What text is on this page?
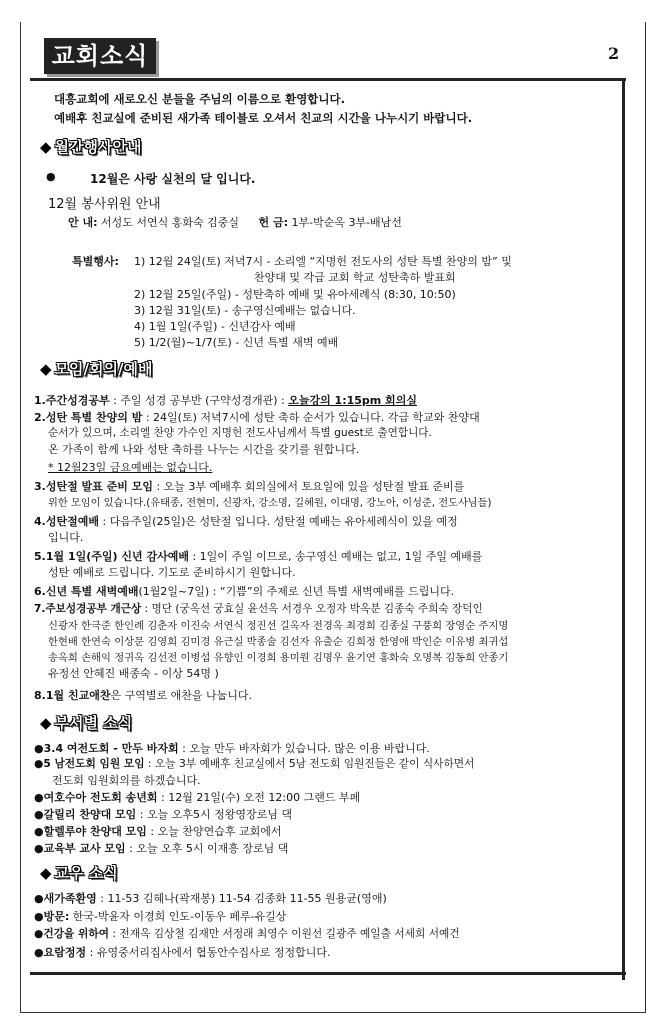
교회소식	2
대흥교회에 새로오신 분들을 주님의 이름으로 환영합니다.
예배후 친교실에 준비된 새가족 테이블로 오셔서 친교의 시간을 나누시기 바랍니다.
◆ 월간행사안내
●	12월은 사랑 실천의 달 입니다.
12월 봉사위원 안내
안 내: 서성도 서연식 홍화숙 김중실 헌 금: 1부-박순옥 3부-배남선
특별행사: 1) 12월 24일(토) 저녁7시 - 소리엘 “지명헌 전도사의 성탄 특별 찬양의 밤” 및
찬양대 및 각급 교회 학교 성탄축하 발표회
2) 12월 25일(주일) - 성탄축하 예배 및 유아세례식 (8:30, 10:50)
3) 12월 31일(토) - 송구영신예배는 없습니다.
4) 1월 1일(주일) - 신년감사 예배
5) 1/2(월)~1/7(토) - 신년 특별 새벽 예배
◆ 모임/회의/예배
1.주간성경공부 : 주일 성경 공부반 (구약성경개관) : 오늘강의 1:15pm 회의실
2.성탄 특별 찬양의 밤 : 24일(토) 저녁7시에 성탄 축하 순서가 있습니다. 각급 학교와 찬양대
순서가 있으며, 소리엘 찬양 가수인 지명헌 전도사님께서 특별 guest로 출연합니다.
온 가족이 함께 나와 성탄 축하를 나누는 시간을 갖기를 원합니다.
* 12월23일 금요예배는 없습니다.
3.성탄절 발표 준비 모임 : 오늘 3부 예배후 회의실에서 토요일에 있을 성탄절 발표 준비를
위한 모임이 있습니다.(유태종, 전현미, 신광자, 강소명, 길혜원, 이대명, 강노아, 이성준, 전도사님들)
4.성탄절예배 : 다음주일(25일)은 성탄절 입니다. 성탄절 예배는 유아세례식이 있을 예정
입니다.
5.1월 1일(주일) 신년 감사예배 : 1일이 주일 이므로, 송구영신 예배는 없고, 1일 주일 예배를
성탄 예배로 드립니다. 기도로 준비하시기 원합니다.
6.신년 특별 새벽예배(1월2일~7일) : “기쁨”의 주제로 신년 특별 새벽예배를 드립니다.
7.주보성경공부 개근상 : 명단 (궁옥선 궁효실 윤선옥 서경우 오정자 박옥분 김종숙 주희숙 장덕인
신광자 한극준 한인례 김춘자 이진숙 서연식 정진선 길옥자 전경옥 최경희 김종실 구풍희 장영순 주지명
한현배 한연숙 이상문 김영희 김미경 유근실 박종술 김선자 유출순 김희정 한영애 박인순 이유병 최귀섭
송옥희 손해익 정귀옥 김선전 이병섭 유향인 이경희 용미원 김명우 윤기연 홍화숙 오명복 김동희 안종기
유정선 안혜진 배종숙 - 이상 54명 )
8.1월 친교애찬은 구역별로 애찬을 나눕니다.
◆ 부서별 소식
●3.4 여전도회 - 만두 바자회 : 오늘 만두 바자회가 있습니다. 많은 이용 바랍니다.
●5 남전도회 임원 모임 : 오늘 3부 예배후 친교실에서 5남 전도회 임원진들은 같이 식사하면서
전도회 임원회의를 하겠습니다.
●여호수아 전도회 송년회 : 12월 21일(수) 오전 12:00 그랜드 부페
●갈릴리 찬양대 모임 : 오늘 오후5시 정왕영장로님 댁
●할렐루야 찬양대 모임 : 오늘 찬양연습후 교회에서
●교육부 교사 모임 : 오늘 오후 5시 이재흥 장로님 댁
◆ 교우 소식
●새가족환영 : 11-53 김혜나(곽재봉) 11-54 김종화 11-55 원용균(영애)
●방문: 한국-박윤자 이경희 인도-이동우 페루-유길상
●건강을 위하여 : 전재옥 김상철 김재만 서정래 최영수 이원선 길광주 예일출 서세희 서예건
●요람정정 : 유영중서리집사에서 협동안수집사로 정정합니다.
